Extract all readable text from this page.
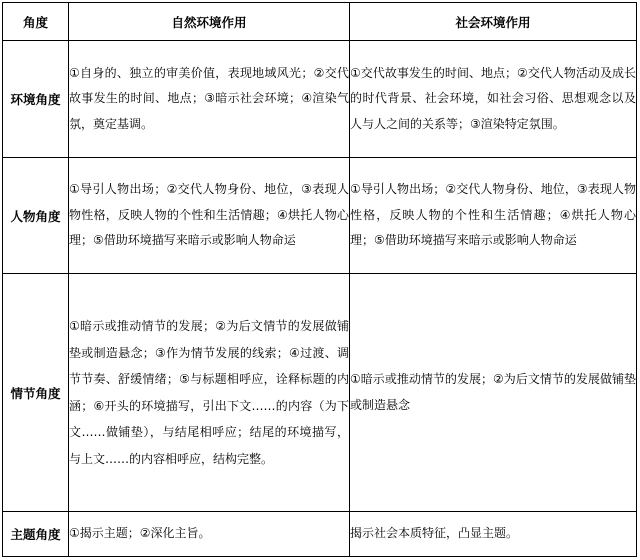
角度	自然环境作用	社会环境作用
环境角度	①自身的、独立的审美价值，表现地域风光；②交代故事发生的时间、地点；③暗示社会环境；④渲染气氛，奠定基调。	①交代故事发生的时间、地点；②交代人物活动及成长的时代背景、社会环境，如社会习俗、思想观念以及人与人之间的关系等；③渲染特定氛围。
人物角度	①导引人物出场；②交代人物身份、地位，③表现人物性格，反映人物的个性和生活情趣；④烘托人物心理；⑤借助环境描写来暗示或影响人物命运	①导引人物出场；②交代人物身份、地位，③表现人物性格，反映人物的个性和生活情趣；④烘托人物心理；⑤借助环境描写来暗示或影响人物命运
情节角度	①暗示或推动情节的发展；②为后文情节的发展做铺垫或制造悬念；③作为情节发展的线索；④过渡、调节节奏、舒缓情绪；⑤与标题相呼应，诠释标题的内涵；⑥开头的环境描写，引出下文……的内容（为下文……做铺垫），与结尾相呼应；结尾的环境描写，与上文……的内容相呼应，结构完整。	①暗示或推动情节的发展；②为后文情节的发展做铺垫或制造悬念
主题角度	①揭示主题；②深化主旨。	揭示社会本质特征，凸显主题。
